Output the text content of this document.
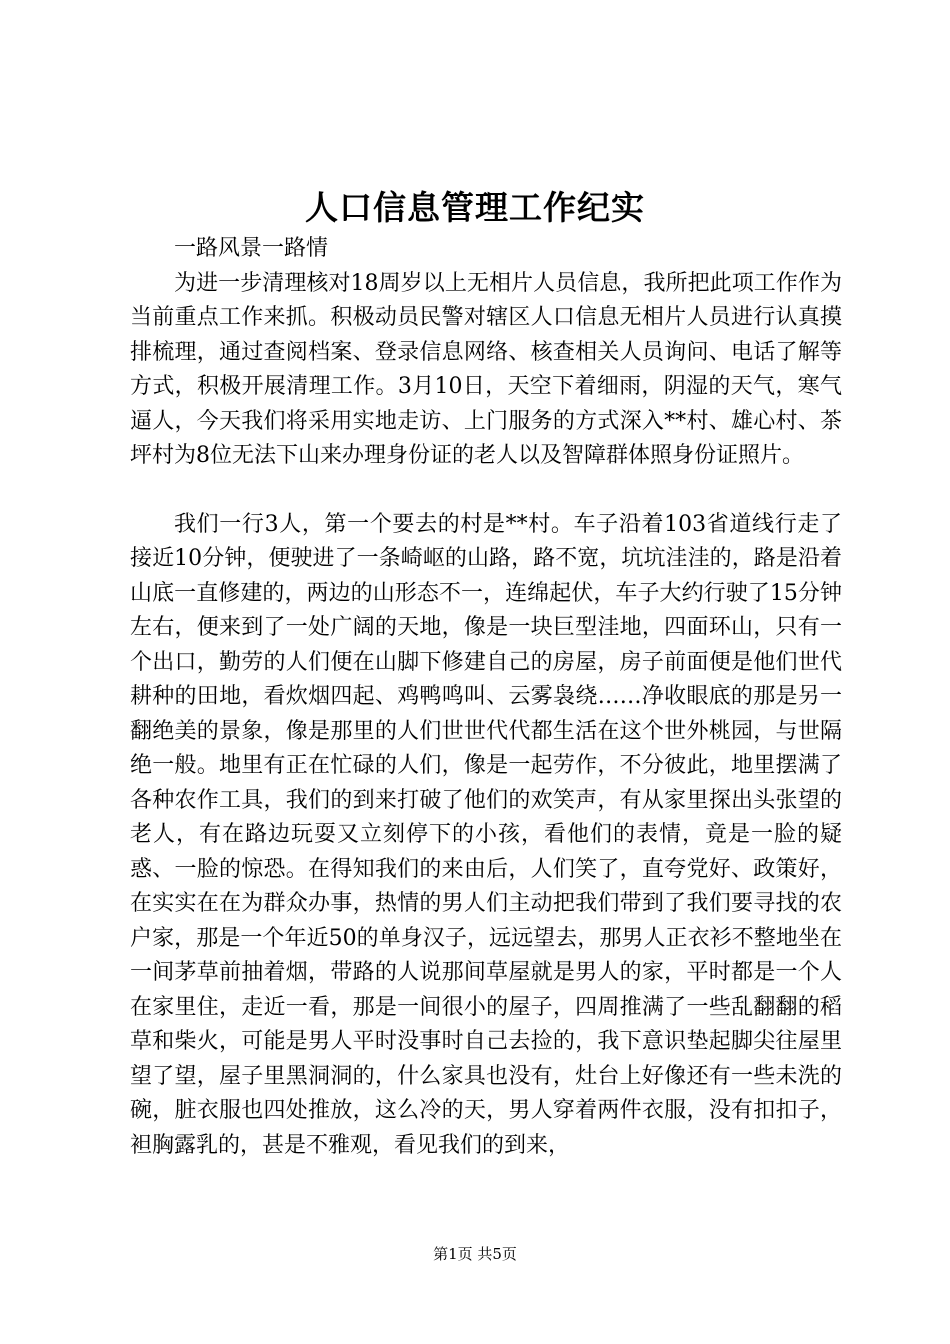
人口信息管理工作纪实

一路风景一路情

为进一步清理核对18周岁以上无相片人员信息，我所把此项工作作为当前重点工作来抓。积极动员民警对辖区人口信息无相片人员进行认真摸排梳理，通过查阅档案、登录信息网络、核查相关人员询问、电话了解等方式，积极开展清理工作。3月10日，天空下着细雨，阴湿的天气，寒气逼人，今天我们将采用实地走访、上门服务的方式深入**村、雄心村、茶坪村为8位无法下山来办理身份证的老人以及智障群体照身份证照片。

我们一行3人，第一个要去的村是**村。车子沿着103省道线行走了接近10分钟，便驶进了一条崎岖的山路，路不宽，坑坑洼洼的，路是沿着山底一直修建的，两边的山形态不一，连绵起伏，车子大约行驶了15分钟左右，便来到了一处广阔的天地，像是一块巨型洼地，四面环山，只有一个出口，勤劳的人们便在山脚下修建自己的房屋，房子前面便是他们世代耕种的田地，看炊烟四起、鸡鸭鸣叫、云雾袅绕……净收眼底的那是另一翻绝美的景象，像是那里的人们世世代代都生活在这个世外桃园，与世隔绝一般。地里有正在忙碌的人们，像是一起劳作，不分彼此，地里摆满了各种农作工具，我们的到来打破了他们的欢笑声，有从家里探出头张望的老人，有在路边玩耍又立刻停下的小孩，看他们的表情，竟是一脸的疑惑、一脸的惊恐。在得知我们的来由后，人们笑了，直夸党好、政策好，在实实在在为群众办事，热情的男人们主动把我们带到了我们要寻找的农户家，那是一个年近50的单身汉子，远远望去，那男人正衣衫不整地坐在一间茅草前抽着烟，带路的人说那间草屋就是男人的家，平时都是一个人在家里住，走近一看，那是一间很小的屋子，四周推满了一些乱翻翻的稻草和柴火，可能是男人平时没事时自己去捡的，我下意识垫起脚尖往屋里望了望，屋子里黑洞洞的，什么家具也没有，灶台上好像还有一些未洗的碗，脏衣服也四处推放，这么冷的天，男人穿着两件衣服，没有扣扣子，袒胸露乳的，甚是不雅观，看见我们的到来，

第1页 共5页
